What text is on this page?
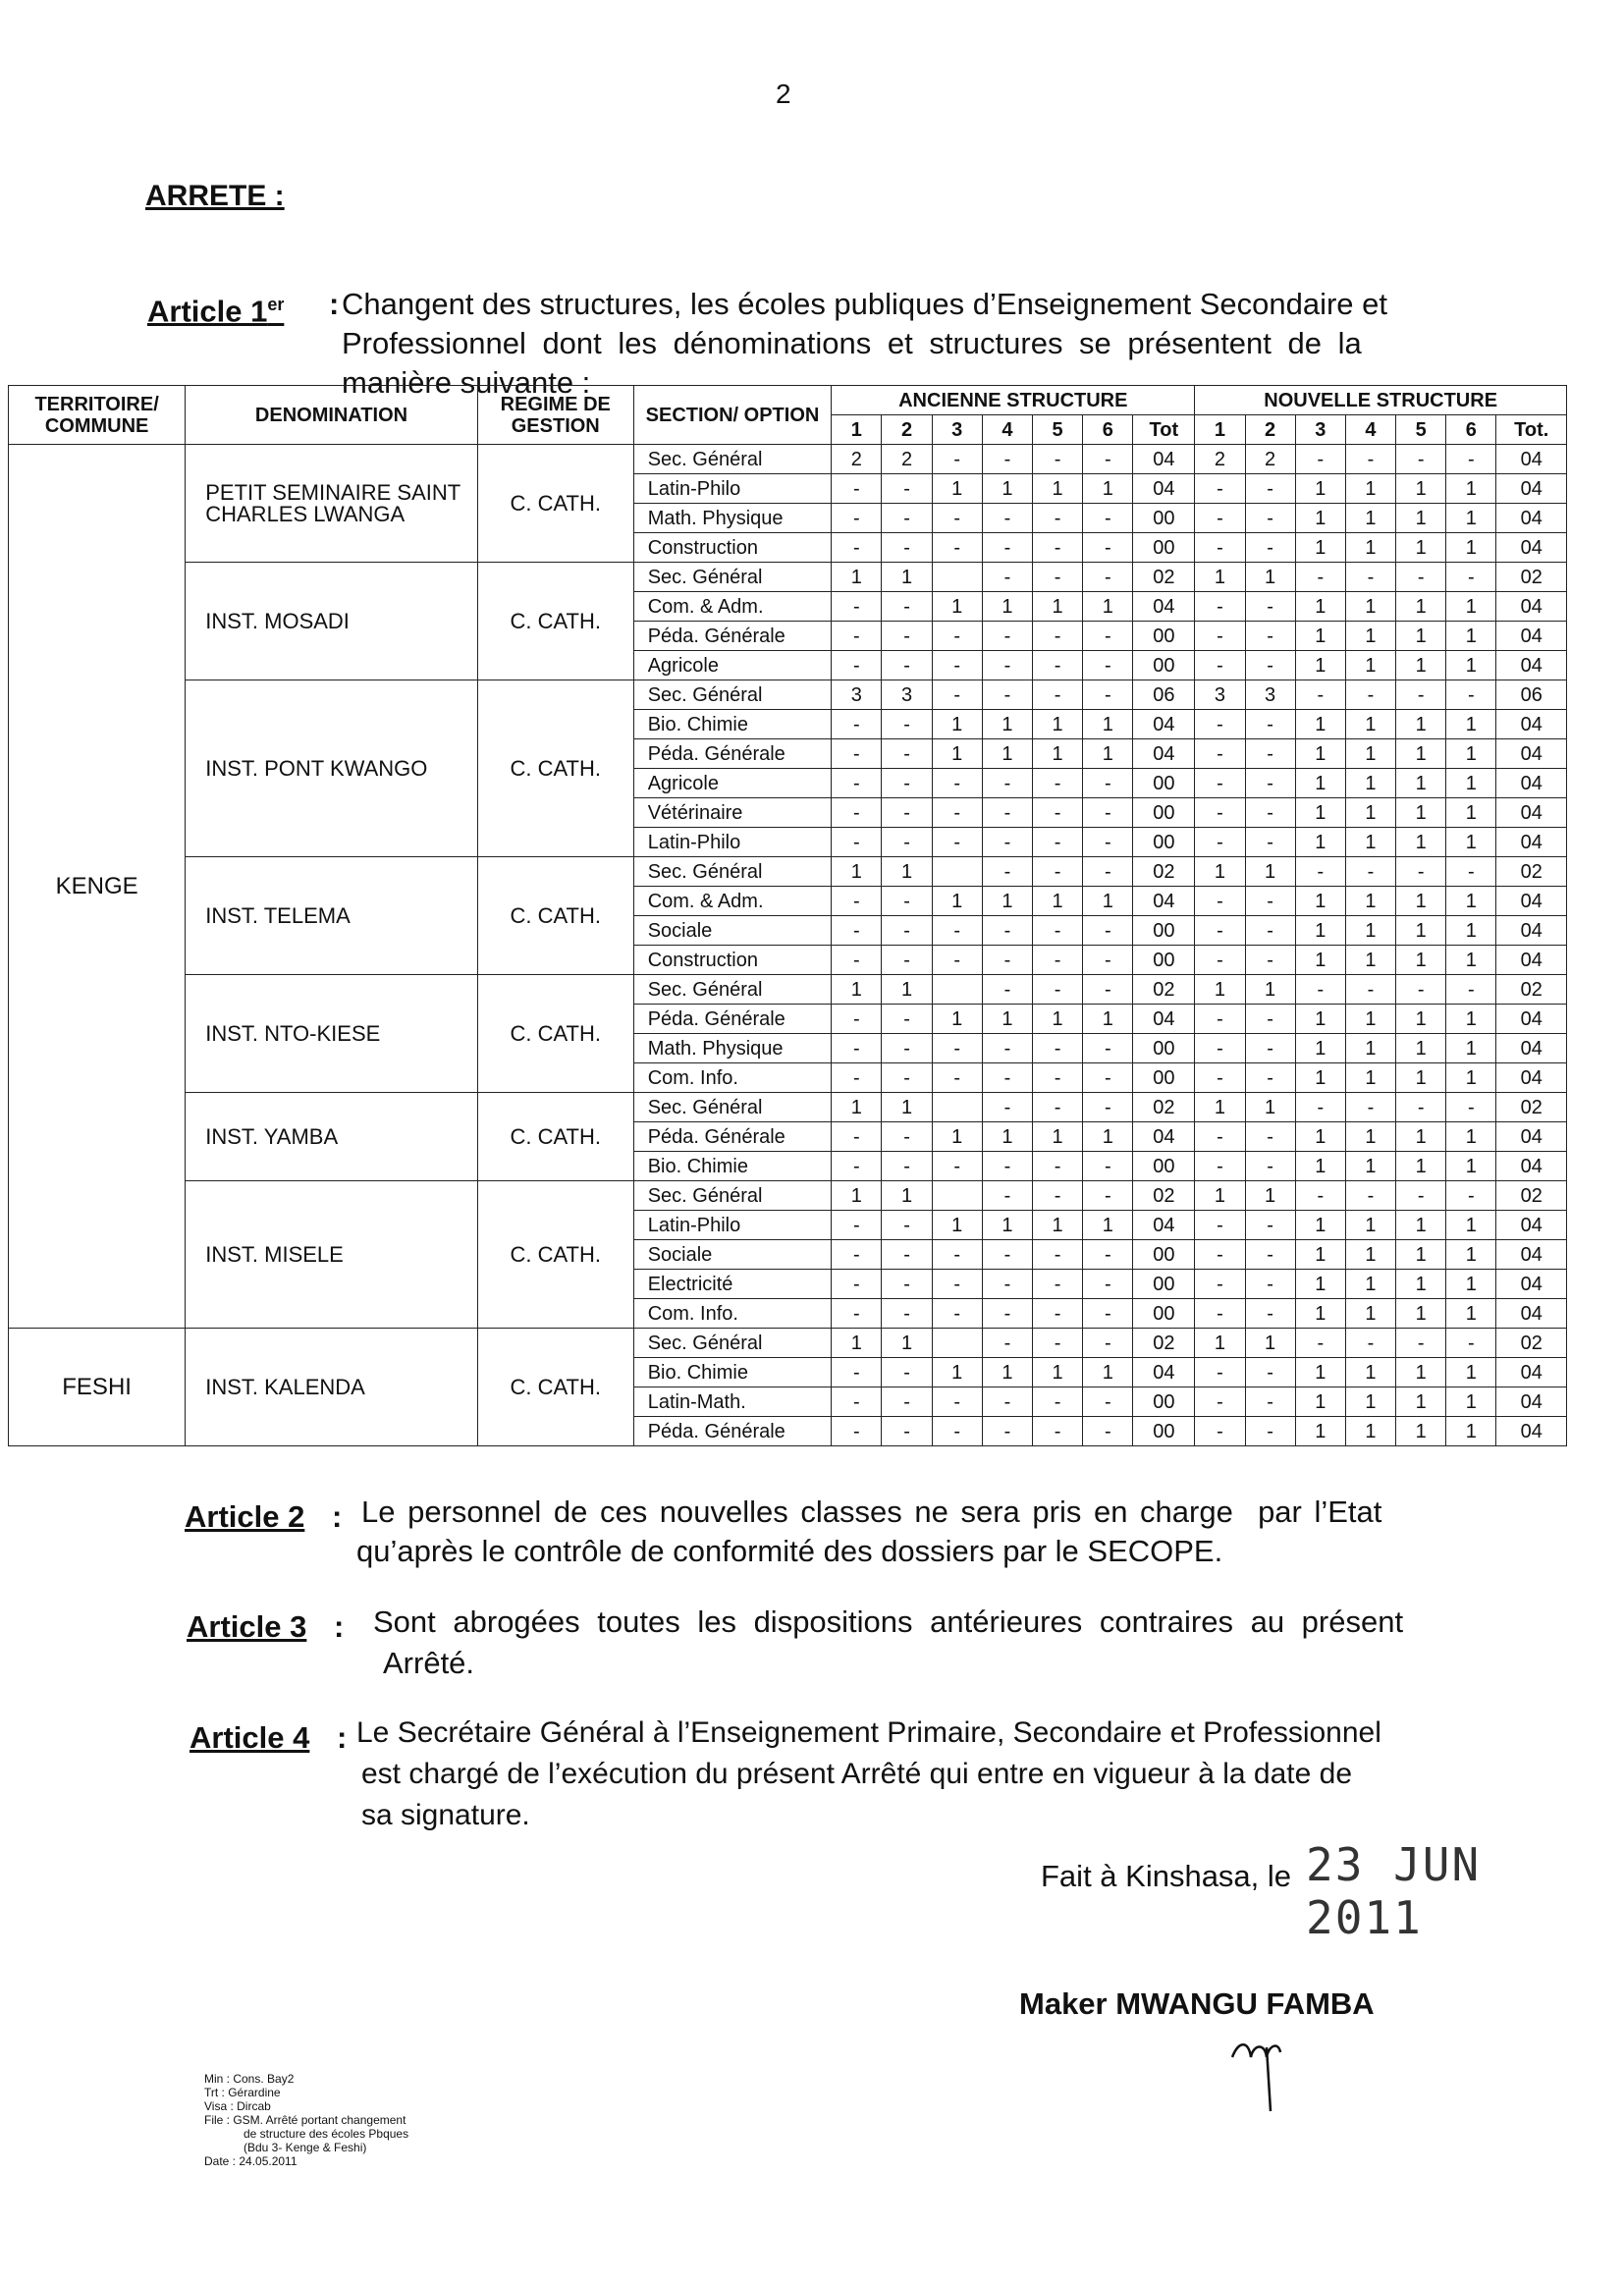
2
ARRETE :
Article 1er : Changent des structures, les écoles publiques d’Enseignement Secondaire et
Professionnel dont les dénominations et structures se présentent de la
manière suivante :
TERRITOIRE/ COMMUNE	DENOMINATION	REGIME DE GESTION	SECTION/ OPTION	ANCIENNE STRUCTURE							NOUVELLE STRUCTURE						
				1	2	3	4	5	6	Tot	1	2	3	4	5	6	Tot.
KENGE	PETIT SEMINAIRE SAINT CHARLES LWANGA	C. CATH.	Sec. Général	2	2	-	-	-	-	04	2	2	-	-	-	-	04
			Latin-Philo	-	-	1	1	1	1	04	-	-	1	1	1	1	04
			Math. Physique	-	-	-	-	-	-	00	-	-	1	1	1	1	04
			Construction	-	-	-	-	-	-	00	-	-	1	1	1	1	04
	INST. MOSADI	C. CATH.	Sec. Général	1	1		-	-	-	02	1	1	-	-	-	-	02
			Com. & Adm.	-	-	1	1	1	1	04	-	-	1	1	1	1	04
			Péda. Générale	-	-	-	-	-	-	00	-	-	1	1	1	1	04
			Agricole	-	-	-	-	-	-	00	-	-	1	1	1	1	04
	INST. PONT KWANGO	C. CATH.	Sec. Général	3	3	-	-	-	-	06	3	3	-	-	-	-	06
			Bio. Chimie	-	-	1	1	1	1	04	-	-	1	1	1	1	04
			Péda. Générale	-	-	1	1	1	1	04	-	-	1	1	1	1	04
			Agricole	-	-	-	-	-	-	00	-	-	1	1	1	1	04
			Vétérinaire	-	-	-	-	-	-	00	-	-	1	1	1	1	04
			Latin-Philo	-	-	-	-	-	-	00	-	-	1	1	1	1	04
	INST. TELEMA	C. CATH.	Sec. Général	1	1		-	-	-	02	1	1	-	-	-	-	02
			Com. & Adm.	-	-	1	1	1	1	04	-	-	1	1	1	1	04
			Sociale	-	-	-	-	-	-	00	-	-	1	1	1	1	04
			Construction	-	-	-	-	-	-	00	-	-	1	1	1	1	04
	INST. NTO-KIESE	C. CATH.	Sec. Général	1	1		-	-	-	02	1	1	-	-	-	-	02
			Péda. Générale	-	-	1	1	1	1	04	-	-	1	1	1	1	04
			Math. Physique	-	-	-	-	-	-	00	-	-	1	1	1	1	04
			Com. Info.	-	-	-	-	-	-	00	-	-	1	1	1	1	04
	INST. YAMBA	C. CATH.	Sec. Général	1	1		-	-	-	02	1	1	-	-	-	-	02
			Péda. Générale	-	-	1	1	1	1	04	-	-	1	1	1	1	04
			Bio. Chimie	-	-	-	-	-	-	00	-	-	1	1	1	1	04
	INST. MISELE	C. CATH.	Sec. Général	1	1		-	-	-	02	1	1	-	-	-	-	02
			Latin-Philo	-	-	1	1	1	1	04	-	-	1	1	1	1	04
			Sociale	-	-	-	-	-	-	00	-	-	1	1	1	1	04
			Electricité	-	-	-	-	-	-	00	-	-	1	1	1	1	04
			Com. Info.	-	-	-	-	-	-	00	-	-	1	1	1	1	04
FESHI	INST. KALENDA	C. CATH.	Sec. Général	1	1		-	-	-	02	1	1	-	-	-	-	02
			Bio. Chimie	-	-	1	1	1	1	04	-	-	1	1	1	1	04
			Latin-Math.	-	-	-	-	-	-	00	-	-	1	1	1	1	04
			Péda. Générale	-	-	-	-	-	-	00	-	-	1	1	1	1	04
Article 2 : Le personnel de ces nouvelles classes ne sera pris en charge  par l’Etat
qu’après le contrôle de conformité des dossiers par le SECOPE.
Article 3 : Sont abrogées toutes les dispositions antérieures contraires au présent
Arrêté.
Article 4 : Le Secrétaire Général à l’Enseignement Primaire, Secondaire et Professionnel
est chargé de l’exécution du présent Arrêté qui entre en vigueur à la date de
sa signature.
Fait à Kinshasa, le 23 JUN 2011
Maker MWANGU FAMBA
Min : Cons. Bay2
Trt : Gérardine
Visa : Dircab
File : GSM. Arrêté portant changement
de structure des écoles Pbques
(Bdu 3- Kenge & Feshi)
Date : 24.05.2011
